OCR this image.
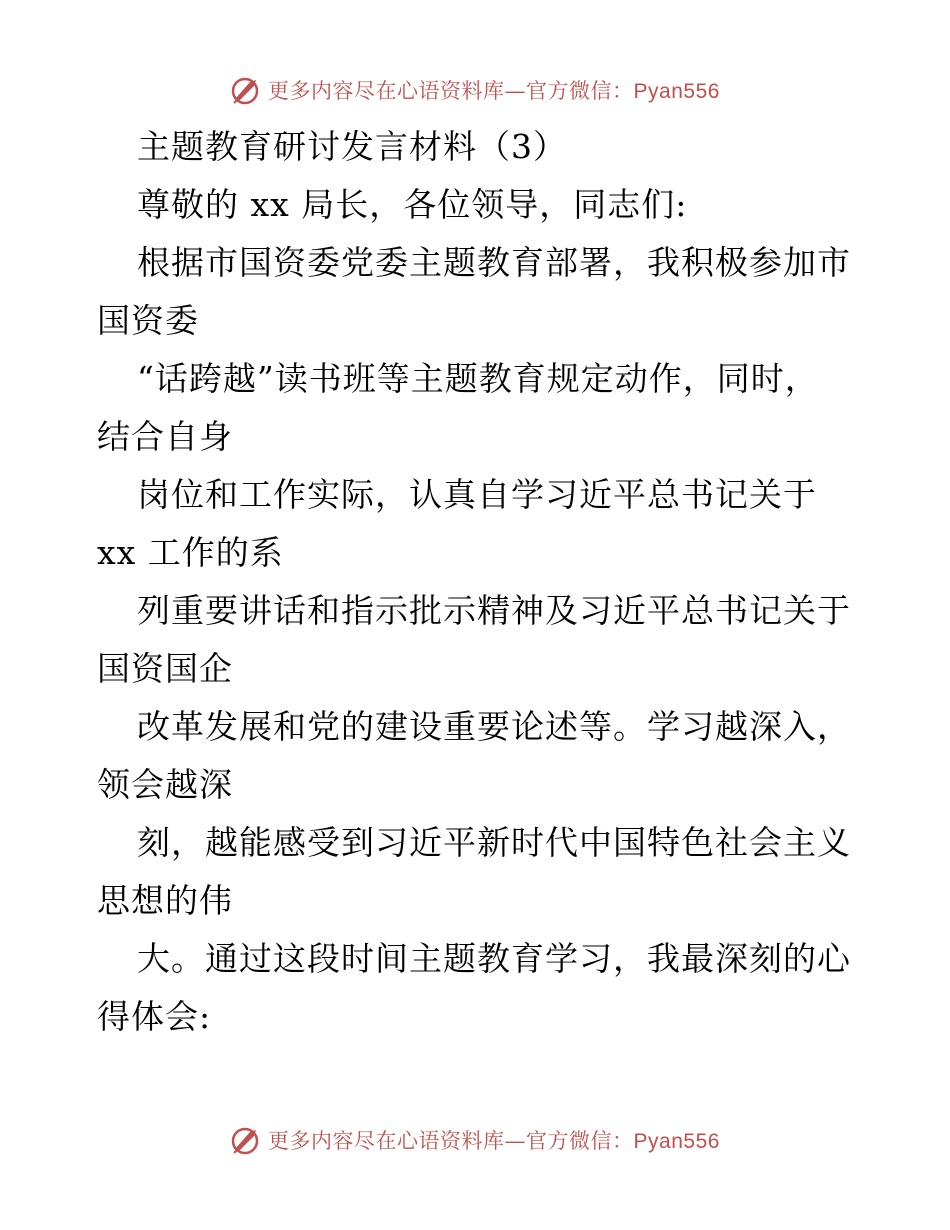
更多内容尽在心语资料库—官方微信：Pyan556
主题教育研讨发言材料（3）
尊敬的 xx 局长，各位领导，同志们:
根据市国资委党委主题教育部署，我积极参加市
国资委
“话跨越”读书班等主题教育规定动作，同时，
结合自身
岗位和工作实际，认真自学习近平总书记关于
xx 工作的系
列重要讲话和指示批示精神及习近平总书记关于
国资国企
改革发展和党的建设重要论述等。学习越深入，
领会越深
刻，越能感受到习近平新时代中国特色社会主义
思想的伟
大。通过这段时间主题教育学习，我最深刻的心
得体会:
更多内容尽在心语资料库—官方微信：Pyan556
